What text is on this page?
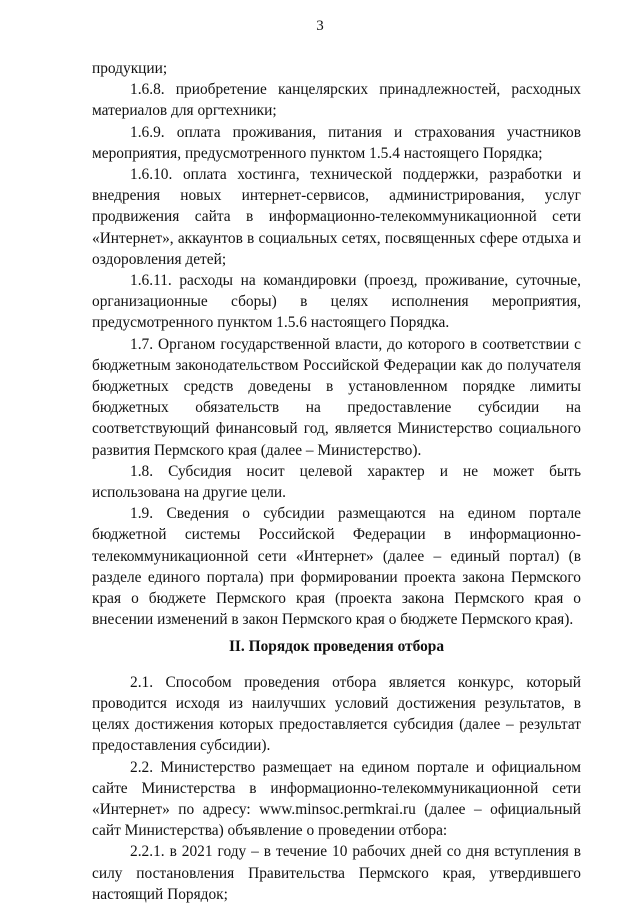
3

продукции;

1.6.8. приобретение канцелярских принадлежностей, расходных материалов для оргтехники;

1.6.9. оплата проживания, питания и страхования участников мероприятия, предусмотренного пунктом 1.5.4 настоящего Порядка;

1.6.10. оплата хостинга, технической поддержки, разработки и внедрения новых интернет-сервисов, администрирования, услуг продвижения сайта в информационно-телекоммуникационной сети «Интернет», аккаунтов в социальных сетях, посвященных сфере отдыха и оздоровления детей;

1.6.11. расходы на командировки (проезд, проживание, суточные, организационные сборы) в целях исполнения мероприятия, предусмотренного пунктом 1.5.6 настоящего Порядка.

1.7. Органом государственной власти, до которого в соответствии с бюджетным законодательством Российской Федерации как до получателя бюджетных средств доведены в установленном порядке лимиты бюджетных обязательств на предоставление субсидии на соответствующий финансовый год, является Министерство социального развития Пермского края (далее – Министерство).

1.8. Субсидия носит целевой характер и не может быть использована на другие цели.

1.9. Сведения о субсидии размещаются на едином портале бюджетной системы Российской Федерации в информационно-телекоммуникационной сети «Интернет» (далее – единый портал) (в разделе единого портала) при формировании проекта закона Пермского края о бюджете Пермского края (проекта закона Пермского края о внесении изменений в закон Пермского края о бюджете Пермского края).

II. Порядок проведения отбора

2.1. Способом проведения отбора является конкурс, который проводится исходя из наилучших условий достижения результатов, в целях достижения которых предоставляется субсидия (далее – результат предоставления субсидии).

2.2. Министерство размещает на едином портале и официальном сайте Министерства в информационно-телекоммуникационной сети «Интернет» по адресу: www.minsoc.permkrai.ru (далее – официальный сайт Министерства) объявление о проведении отбора:

2.2.1. в 2021 году – в течение 10 рабочих дней со дня вступления в силу постановления Правительства Пермского края, утвердившего настоящий Порядок;
